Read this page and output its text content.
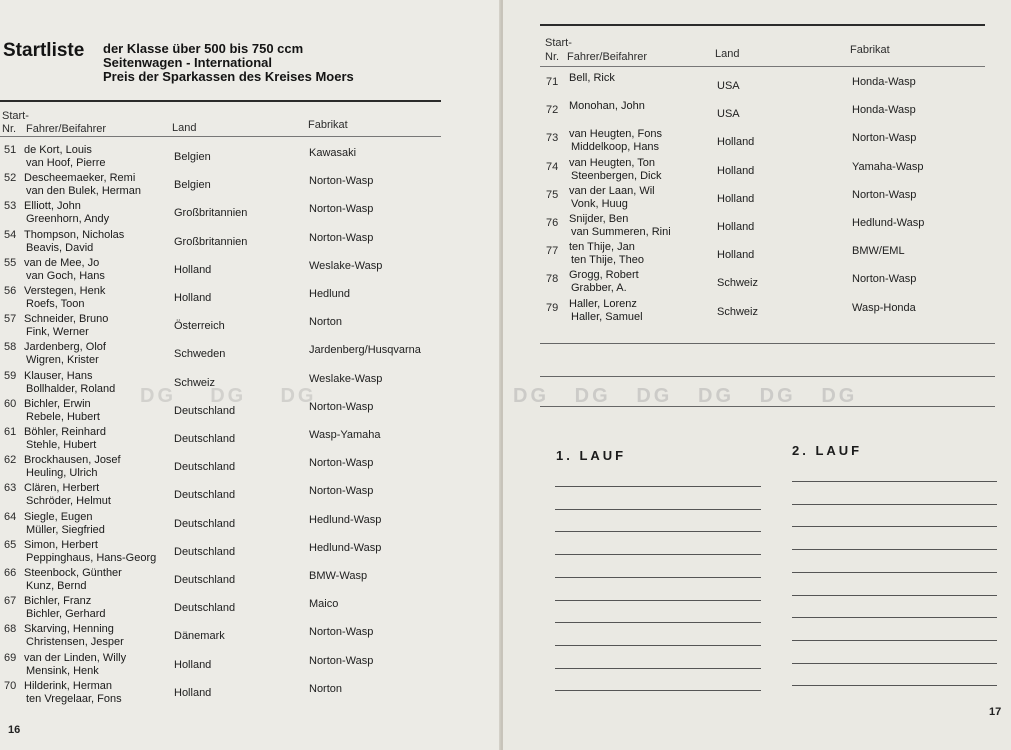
Startliste der Klasse über 500 bis 750 ccm
Seitenwagen - International
Preis der Sparkassen des Kreises Moers
Start-
Nr. Fahrer/Beifahrer	Land	Fabrikat
51 de Kort, Louis
van Hoof, Pierre	Belgien	Kawasaki
52 Descheemaeker, Remi
van den Bulek, Herman	Belgien	Norton-Wasp
53 Elliott, John
Greenhorn, Andy	Großbritannien	Norton-Wasp
54 Thompson, Nicholas
Beavis, David	Großbritannien	Norton-Wasp
55 van de Mee, Jo
van Goch, Hans	Holland	Weslake-Wasp
56 Verstegen, Henk
Roefs, Toon	Holland	Hedlund
57 Schneider, Bruno
Fink, Werner	Österreich	Norton
58 Jardenberg, Olof
Wigren, Krister	Schweden	Jardenberg/Husqvarna
59 Klauser, Hans
Bollhalder, Roland	Schweiz	Weslake-Wasp
60 Bichler, Erwin
Rebele, Hubert	Deutschland	Norton-Wasp
61 Böhler, Reinhard
Stehle, Hubert	Deutschland	Wasp-Yamaha
62 Brockhausen, Josef
Heuling, Ulrich	Deutschland	Norton-Wasp
63 Clären, Herbert
Schröder, Helmut	Deutschland	Norton-Wasp
64 Siegle, Eugen
Müller, Siegfried	Deutschland	Hedlund-Wasp
65 Simon, Herbert
Peppinghaus, Hans-Georg Deutschland	Hedlund-Wasp
66 Steenbock, Günther
Kunz, Bernd	Deutschland	BMW-Wasp
67 Bichler, Franz
Bichler, Gerhard	Deutschland	Maico
68 Skarving, Henning
Christensen, Jesper	Dänemark	Norton-Wasp
69 van der Linden, Willy
Mensink, Henk	Holland	Norton-Wasp
70 Hilderink, Herman
ten Vregelaar, Fons	Holland	Norton
16
Start-
Nr. Fahrer/Beifahrer	Land	Fabrikat
71 Bell, Rick
USA	Honda-Wasp
72 Monohan, John
USA	Honda-Wasp
73 van Heugten, Fons
Middelkoop, Hans	Holland	Norton-Wasp
74 van Heugten, Ton
Steenbergen, Dick	Holland	Yamaha-Wasp
75 van der Laan, Wil
Vonk, Huug	Holland	Norton-Wasp
76 Snijder, Ben
van Summeren, Rini	Holland	Hedlund-Wasp
77 ten Thije, Jan
ten Thije, Theo	Holland	BMW/EML
78 Grogg, Robert
Grabber, A.	Schweiz	Norton-Wasp
79 Haller, Lorenz
Haller, Samuel	Schweiz	Wasp-Honda
DG   DG   DG   DG   DG   DG
1. LAUF	2. LAUF
17
DG    DG    DG
